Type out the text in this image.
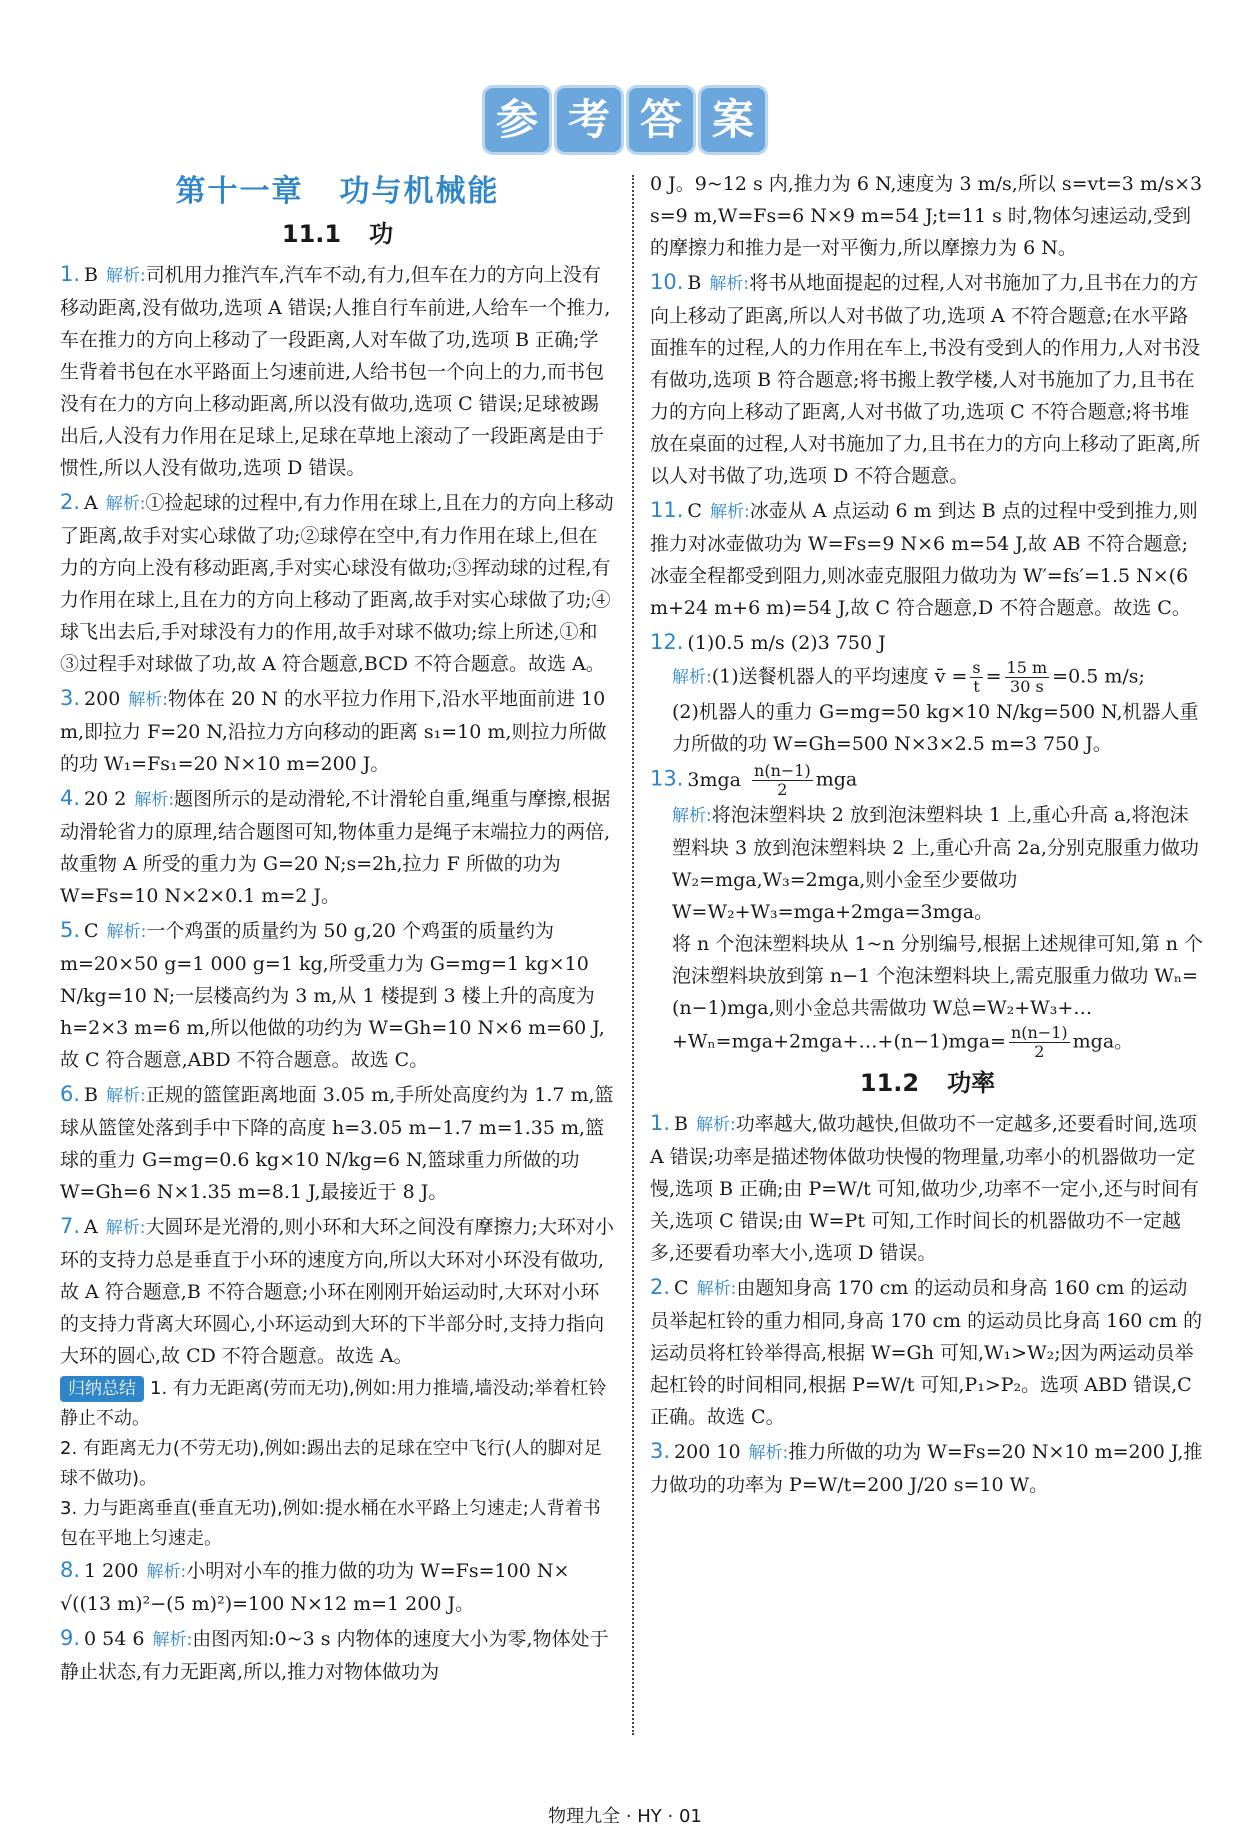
参 考 答 案
第十一章 功与机械能
11.1 功
1. B 解析:司机用力推汽车,汽车不动,有力,但车在力的方向上没有移动距离,没有做功,选项 A 错误;人推自行车前进,人给车一个推力,车在推力的方向上移动了一段距离,人对车做了功,选项 B 正确;学生背着书包在水平路面上匀速前进,人给书包一个向上的力,而书包没有在力的方向上移动距离,所以没有做功,选项 C 错误;足球被踢出后,人没有力作用在足球上,足球在草地上滚动了一段距离是由于惯性,所以人没有做功,选项 D 错误。
2. A 解析:①捡起球的过程中,有力作用在球上,且在力的方向上移动了距离,故手对实心球做了功;②球停在空中,有力作用在球上,但在力的方向上没有移动距离,手对实心球没有做功;③挥动球的过程,有力作用在球上,且在力的方向上移动了距离,故手对实心球做了功;④球飞出去后,手对球没有力的作用,故手对球不做功;综上所述,①和③过程手对球做了功,故 A 符合题意,BCD 不符合题意。故选 A。
3. 200 解析:物体在 20 N 的水平拉力作用下,沿水平地面前进 10 m,即拉力 F=20 N,沿拉力方向移动的距离 s₁=10 m,则拉力所做的功 W₁=Fs₁=20 N×10 m=200 J。
4. 20 2 解析:题图所示的是动滑轮,不计滑轮自重,绳重与摩擦,根据动滑轮省力的原理,结合题图可知,物体重力是绳子末端拉力的两倍,故重物 A 所受的重力为 G=20 N;s=2h,拉力 F 所做的功为 W=Fs=10 N×2×0.1 m=2 J。
5. C 解析:一个鸡蛋的质量约为 50 g,20 个鸡蛋的质量约为 m=20×50 g=1 000 g=1 kg,所受重力为 G=mg=1 kg×10 N/kg=10 N;一层楼高约为 3 m,从 1 楼提到 3 楼上升的高度为 h=2×3 m=6 m,所以他做的功约为 W=Gh=10 N×6 m=60 J,故 C 符合题意,ABD 不符合题意。故选 C。
6. B 解析:正规的篮筐距离地面 3.05 m,手所处高度约为 1.7 m,篮球从篮筐处落到手中下降的高度 h=3.05 m−1.7 m=1.35 m,篮球的重力 G=mg=0.6 kg×10 N/kg=6 N,篮球重力所做的功 W=Gh=6 N×1.35 m=8.1 J,最接近于 8 J。
7. A 解析:大圆环是光滑的,则小环和大环之间没有摩擦力;大环对小环的支持力总是垂直于小环的速度方向,所以大环对小环没有做功,故 A 符合题意,B 不符合题意;小环在刚刚开始运动时,大环对小环的支持力背离大环圆心,小环运动到大环的下半部分时,支持力指向大环的圆心,故 CD 不符合题意。故选 A。
归纳总结 1. 有力无距离(劳而无功),例如:用力推墙,墙没动;举着杠铃静止不动。
2. 有距离无力(不劳无功),例如:踢出去的足球在空中飞行(人的脚对足球不做功)。
3. 力与距离垂直(垂直无功),例如:提水桶在水平路上匀速走;人背着书包在平地上匀速走。
8. 1 200 解析:小明对小车的推力做的功为 W=Fs=100 N×
√((13 m)²−(5 m)²)=100 N×12 m=1 200 J。
9. 0 54 6 解析:由图丙知:0~3 s 内物体的速度大小为零,物体处于静止状态,有力无距离,所以,推力对物体做功为
0 J。9~12 s 内,推力为 6 N,速度为 3 m/s,所以 s=vt=3 m/s×3 s=9 m,W=Fs=6 N×9 m=54 J;t=11 s 时,物体匀速运动,受到的摩擦力和推力是一对平衡力,所以摩擦力为 6 N。
10. B 解析:将书从地面提起的过程,人对书施加了力,且书在力的方向上移动了距离,所以人对书做了功,选项 A 不符合题意;在水平路面推车的过程,人的力作用在车上,书没有受到人的作用力,人对书没有做功,选项 B 符合题意;将书搬上教学楼,人对书施加了力,且书在力的方向上移动了距离,人对书做了功,选项 C 不符合题意;将书堆放在桌面的过程,人对书施加了力,且书在力的方向上移动了距离,所以人对书做了功,选项 D 不符合题意。
11. C 解析:冰壶从 A 点运动 6 m 到达 B 点的过程中受到推力,则推力对冰壶做功为 W=Fs=9 N×6 m=54 J,故 AB 不符合题意;冰壶全程都受到阻力,则冰壶克服阻力做功为 W′=fs′=1.5 N×(6 m+24 m+6 m)=54 J,故 C 符合题意,D 不符合题意。故选 C。
12. (1)0.5 m/s (2)3 750 J
解析:(1)送餐机器人的平均速度 v̄ = $\frac{s}{t} = \frac{15 m}{30 s} =0.5$ m/s;
(2)机器人的重力 G=mg=50 kg×10 N/kg=500 N,机器人重力所做的功 W=Gh=500 N×3×2.5 m=3 750 J。
13. $3mga \frac{n(n-1)}{2}$ mga
解析:将泡沫塑料块 2 放到泡沫塑料块 1 上,重心升高 a,将泡沫塑料块 3 放到泡沫塑料块 2 上,重心升高 2a,分别克服重力做功 W₂=mga,W₃=2mga,则小金至少要做功 W=W₂+W₃=mga+2mga=3mga。
将 n 个泡沫塑料块从 1~n 分别编号,根据上述规律可知,第 n 个泡沫塑料块放到第 n−1 个泡沫塑料块上,需克服重力做功 Wₙ=(n−1)mga,则小金总共需做功 W总=W₂+W₃+…+Wₙ=mga+2mga+…+(n−1)mga= $\frac{n(n-1)}{2}$ mga。
11.2 功率
1. B 解析:功率越大,做功越快,但做功不一定越多,还要看时间,选项 A 错误;功率是描述物体做功快慢的物理量,功率小的机器做功一定慢,选项 B 正确;由 P=W/t 可知,做功少,功率不一定小,还与时间有关,选项 C 错误;由 W=Pt 可知,工作时间长的机器做功不一定越多,还要看功率大小,选项 D 错误。
2. C 解析:由题知身高 170 cm 的运动员和身高 160 cm 的运动员举起杠铃的重力相同,身高 170 cm 的运动员比身高 160 cm 的运动员将杠铃举得高,根据 W=Gh 可知,W₁>W₂;因为两运动员举起杠铃的时间相同,根据 P=W/t 可知,P₁>P₂。选项 ABD 错误,C 正确。故选 C。
3. 200 10 解析:推力所做的功为 W=Fs=20 N×10 m=200 J,推力做功的功率为 P=W/t=200 J/20 s=10 W。
物理九全 · HY · 01
